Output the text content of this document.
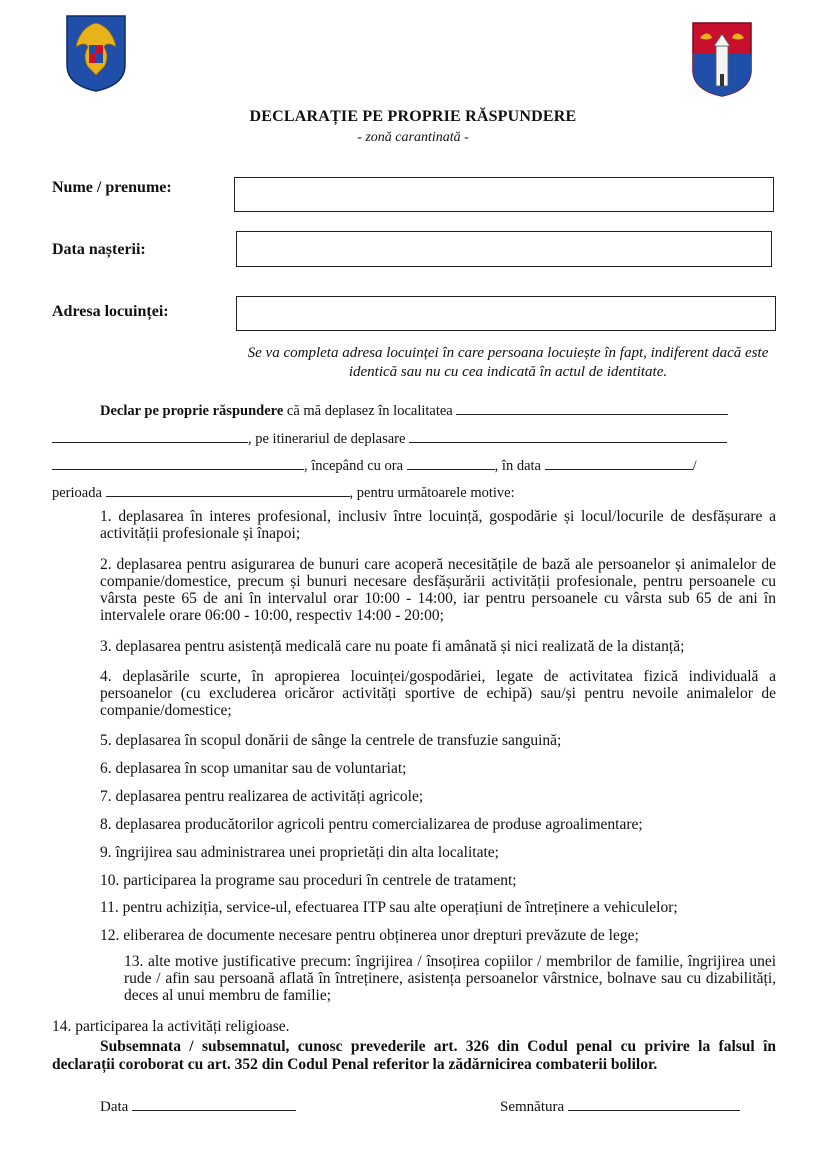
DECLARAȚIE PE PROPRIE RĂSPUNDERE
- zonă carantinată -
Nume / prenume:
Data nașterii:
Adresa locuinței:
Se va completa adresa locuinței în care persoana locuiește în fapt, indiferent dacă este identică sau nu cu cea indicată în actul de identitate.
Declar pe proprie răspundere că mă deplasez în localitatea
, pe itinerariul de deplasare
, începând cu ora	, în data	/
perioada	, pentru următoarele motive:
1. deplasarea în interes profesional, inclusiv între locuință, gospodărie și locul/locurile de desfășurare a activității profesionale și înapoi;
2. deplasarea pentru asigurarea de bunuri care acoperă necesitățile de bază ale persoanelor și animalelor de companie/domestice, precum și bunuri necesare desfășurării activității profesionale, pentru persoanele cu vârsta peste 65 de ani în intervalul orar 10:00 - 14:00, iar pentru persoanele cu vârsta sub 65 de ani în intervalele orare 06:00 - 10:00, respectiv 14:00 - 20:00;
3. deplasarea pentru asistență medicală care nu poate fi amânată și nici realizată de la distanță;
4. deplasările scurte, în apropierea locuinței/gospodăriei, legate de activitatea fizică individuală a persoanelor (cu excluderea oricăror activități sportive de echipă) sau/și pentru nevoile animalelor de companie/domestice;
5. deplasarea în scopul donării de sânge la centrele de transfuzie sanguină;
6. deplasarea în scop umanitar sau de voluntariat;
7. deplasarea pentru realizarea de activități agricole;
8. deplasarea producătorilor agricoli pentru comercializarea de produse agroalimentare;
9. îngrijirea sau administrarea unei proprietăți din alta localitate;
10. participarea la programe sau proceduri în centrele de tratament;
11. pentru achiziția, service-ul, efectuarea ITP sau alte operațiuni de întreținere a vehiculelor;
12. eliberarea de documente necesare pentru obținerea unor drepturi prevăzute de lege;
13. alte motive justificative precum: îngrijirea / însoțirea copiilor / membrilor de familie, îngrijirea unei rude / afin sau persoană aflată în întreținere, asistența persoanelor vârstnice, bolnave sau cu dizabilități, deces al unui membru de familie;
14. participarea la activități religioase.
Subsemnata / subsemnatul, cunosc prevederile art. 326 din Codul penal cu privire la falsul în declarații coroborat cu art. 352 din Codul Penal referitor la zădărnicirea combaterii bolilor.
Data	Semnătura
